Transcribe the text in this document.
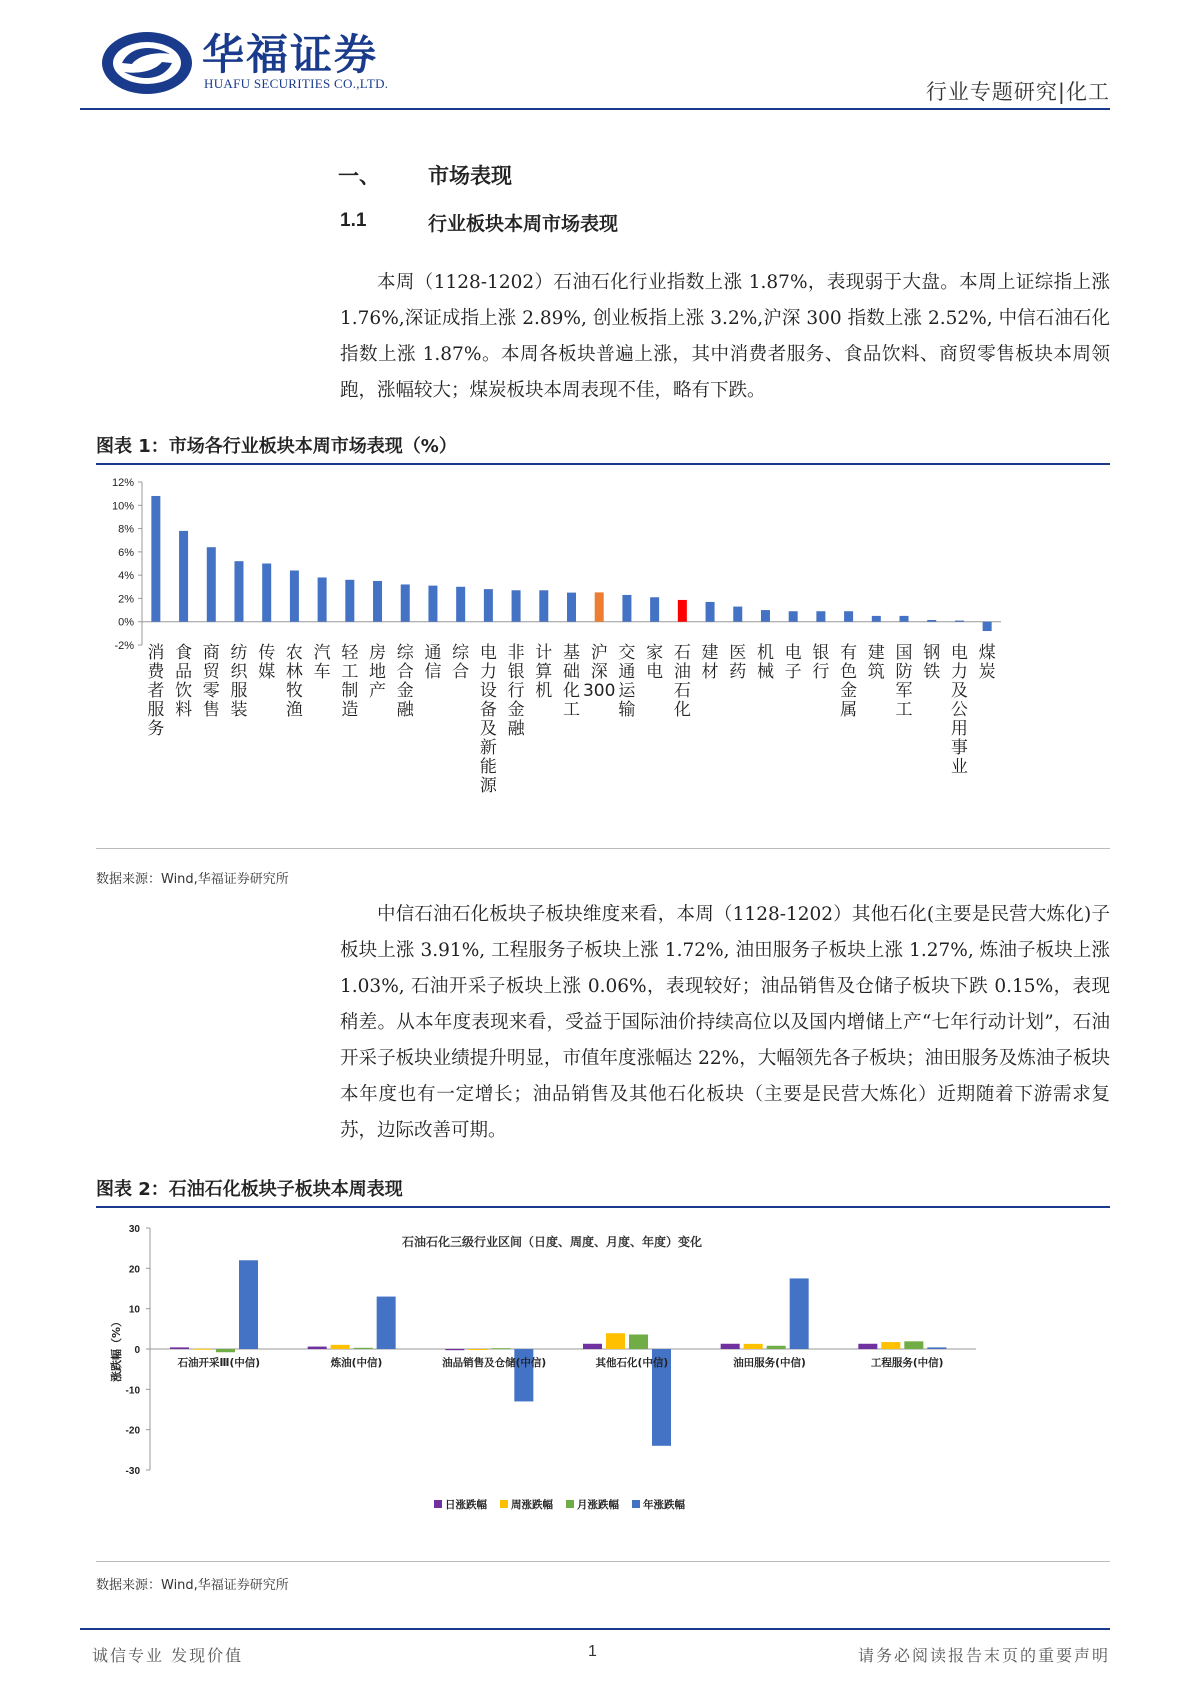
华福证券
HUAFU SECURITIES CO.,LTD.	行业专题研究|化工
一、 市场表现
1.1	行业板块本周市场表现
本周（1128-1202）石油石化行业指数上涨 1.87%，表现弱于大盘。本周上证综指上涨 1.76%,深证成指上涨 2.89%, 创业板指上涨 3.2%,沪深 300 指数上涨 2.52%, 中信石油石化指数上涨 1.87%。本周各板块普遍上涨，其中消费者服务、食品饮料、商贸零售板块本周领跑，涨幅较大；煤炭板块本周表现不佳，略有下跌。
图表 1：市场各行业板块本周市场表现（%）
12%
10%
8%
6%
4%
2%
0%
-2% 消费者服务
食品饮料
商贸零售
纺织服装
传媒
农林牧渔
汽车
轻工制造
房地产
综合金融
通信
综合
电力设备及新能源
非银行金融
计算机
基础化工
沪深 300
交通运输
家电
石油石化
建材
医药
机械
电子
银行
有色金属
建筑
国防军工
钢铁
电力及公用事业
煤炭
数据来源：Wind,华福证券研究所
中信石油石化板块子板块维度来看，本周（1128-1202）其他石化(主要是民营大炼化)子板块上涨 3.91%, 工程服务子板块上涨 1.72%, 油田服务子板块上涨 1.27%, 炼油子板块上涨 1.03%, 石油开采子板块上涨 0.06%，表现较好；油品销售及仓储子板块下跌 0.15%，表现稍差。从本年度表现来看，受益于国际油价持续高位以及国内增储上产“七年行动计划”，石油开采子板块业绩提升明显，市值年度涨幅达 22%，大幅领先各子板块；油田服务及炼油子板块本年度也有一定增长；油品销售及其他石化板块（主要是民营大炼化）近期随着下游需求复苏，边际改善可期。
图表 2：石油石化板块子板块本周表现
石油石化三级行业区间（日度、周度、月度、年度）变化
30
20
10
0
-10
-20
-30
涨跌幅（%）	石油开采Ⅲ(中信)	炼油(中信)	油品销售及仓储(中信)	其他石化(中信)	油田服务(中信)	工程服务(中信)
日涨跌幅 周涨跌幅 月涨跌幅 年涨跌幅
数据来源：Wind,华福证券研究所
诚信专业 发现价值	1	请务必阅读报告末页的重要声明
